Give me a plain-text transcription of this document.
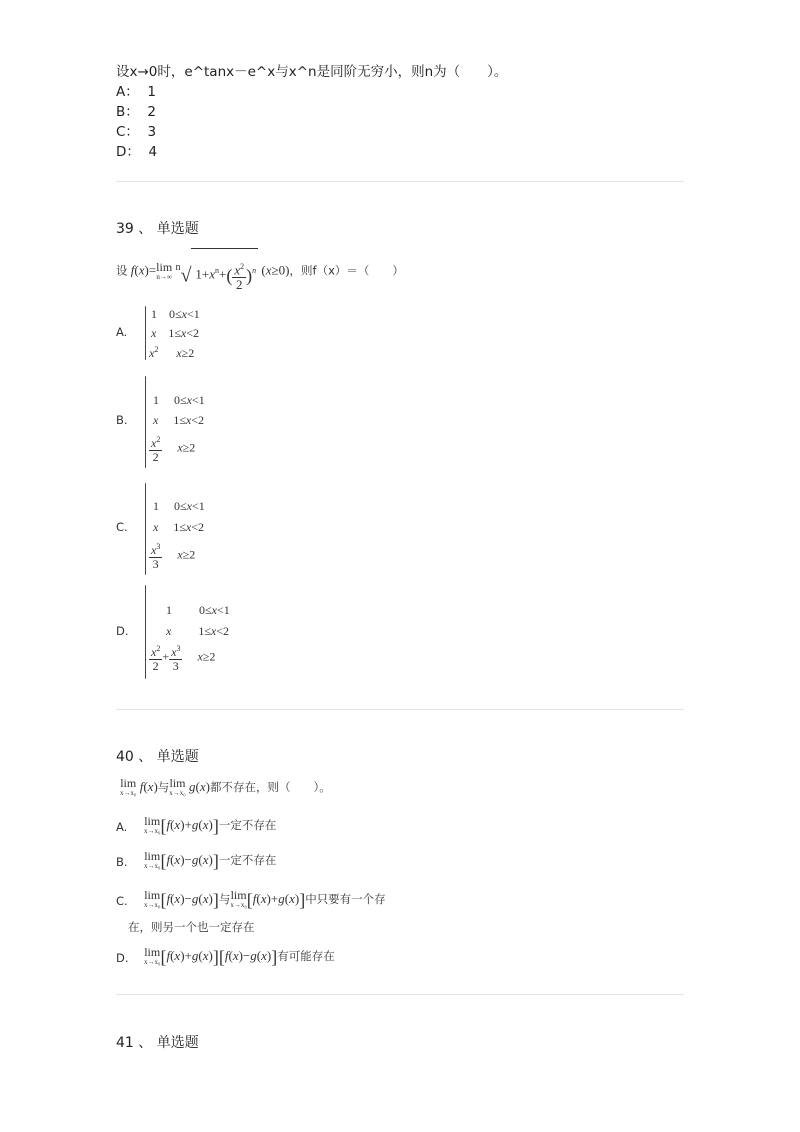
设x→0时，e^tanx－e^x与x^n是同阶无穷小，则n为（　　）。
A：  1
B：  2
C：  3
D：  4
39 、 单选题
设 f(x)= lim
n→∞
$^n$√ $1+x^n+( \frac{x^2}{2} )^n$ (x≥0)，则f（x）＝（　　）
A.
1    0≤x<1
x    1≤x<2
$x^2$ x≥2
B.
1     0≤x<1
x     1≤x<2
$\frac{x^2}{2} x\ge 2$
C.
1     0≤x<1
x     1≤x<2
$\frac{x^3}{3} x\ge 2$
D.
1         0≤x<1
x         1≤x<2
$\frac{x^2}{2} + \frac{x^3}{3} x\ge 2$
40 、 单选题
lim
x→x₀ f(x)与 lim
x→x₀ g(x)都不存在，则（　　）。
A. lim
x→x₀ [f(x)+g(x)]一定不存在
B. lim
x→x₀ [f(x)−g(x)]一定不存在
C. lim
x→x₀ [f(x)−g(x)]与 lim
x→x₀ [f(x)+g(x)]中只要有一个存
在，则另一个也一定存在
D. lim
x→x₀ [f(x)+g(x)][f(x)−g(x)]有可能存在
41 、 单选题
